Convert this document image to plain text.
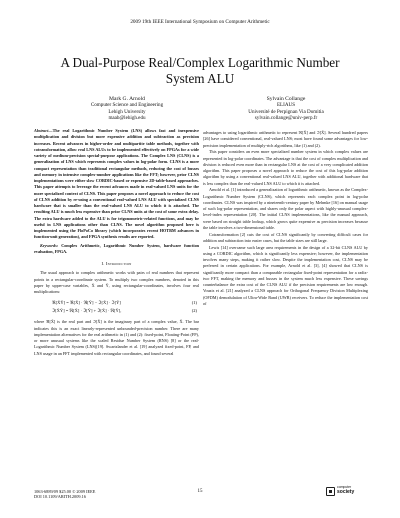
2009 19th IEEE International Symposium on Computer Arithmetic
A Dual-Purpose Real/Complex Logarithmic Number System ALU
Mark G. Arnold
Computer Science and Engineering
Lehigh University
maab@lehigh.edu
Sylvain Collange
ELIAUS
Université de Perpignan Via Domitia
sylvain.collange@univ-perp.fr

Abstract—The real Logarithmic Number System (LNS) allows fast and inexpensive multiplication and division but more expensive addition and subtraction as precision increases. Recent advances in higher-order and multipartite table methods, together with cotransformation, allow real LNS ALUs to be implemented effectively on FPGAs for a wide variety of medium-precision special-purpose applications. The Complex LNS (CLNS) is a generalization of LNS which represents complex values in log-polar form. CLNS is a more compact representation than traditional rectangular methods, reducing the cost of busses and memory in intensive complex-number applications like the FFT; however, prior CLNS implementations were either slow CORDIC-based or expensive 2D-table-based approaches. This paper attempts to leverage the recent advances made in real-valued LNS units for the more specialized context of CLNS. This paper proposes a novel approach to reduce the cost of CLNS addition by re-using a conventional real-valued LNS ALU with specialized CLNS hardware that is smaller than the real-valued LNS ALU to which it is attached. The resulting ALU is much less expensive than prior CLNS units at the cost of some extra delay. The extra hardware added to the ALU is for trigonometric-related functions, and may be useful in LNS applications other than CLNS. The novel algorithm proposed here is implemented using the FloPoCo library (which incorporates recent HOTBM advances in function-unit generation), and FPGA synthesis results are reported.

Keywords: Complex Arithmetic, Logarithmic Number System, hardware function evaluation, FPGA.

I. Introduction

The usual approach to complex arithmetic works with pairs of real numbers that represent points in a rectangular-coordinate system. To multiply two complex numbers, denoted in this paper by upper-case variables, X̄ and Ȳ, using rectangular-coordinates, involves four real multiplications:

ℜ[X̄Ȳ] = ℜ[X̄] · ℜ[Ȳ] − ℑ[X̄] · ℑ[Ȳ]	(1)
ℑ[X̄Ȳ] = ℜ[X̄] · ℑ[Ȳ] + ℑ[X̄] · ℜ[Ȳ],	(2)

where ℜ[X̄] is the real part and ℑ[X̄] is the imaginary part of a complex value, X̄. The bar indicates this is an exact linearly-represented unbounded-precision number. There are many implementation alternatives for the real arithmetic in (1) and (2): fixed-point, Floating-Point (FP), or more unusual systems like the scaled Residue Number System (RNS) [8] or the real-Logarithmic Number System (LNS)[19]. Swartzlander et al. [19] analyzed fixed-point, FP, and LNS usage in an FFT implemented with rectangular coordinates, and found several

advantages to using logarithmic arithmetic to represent ℜ[X̄] and ℑ[X̄]. Several hundred papers [26] have considered conventional, real-valued LNS; most have found some advantages for low-precision implementation of multiply-rich algorithms, like (1) and (2).

This paper considers an even more specialized number system in which complex values are represented in log-polar coordinates. The advantage is that the cost of complex multiplication and division is reduced even more than in rectangular LNS at the cost of a very complicated addition algorithm. This paper proposes a novel approach to reduce the cost of this log-polar addition algorithm by using a conventional real-valued LNS ALU, together with additional hardware that is less complex than the real-valued LNS ALU to which it is attached.

Arnold et al. [1] introduced a generalization of logarithmic arithmetic, known as the Complex-Logarithmic Number System (CLNS), which represents each complex point in log-polar coordinates. CLNS was inspired by a nineteenth-century paper by Mehmke [16] on manual usage of such log-polar representation, and shares only the polar aspect with highly-unusual complex-level-index representation [20]. The initial CLNS implementations, like the manual approach, were based on straight table lookup, which grows quite expensive as precision increases because the table involves a two-dimensional table.

Cotransformation [2] cuts the cost of CLNS significantly by converting difficult cases for addition and subtraction into easier cases, but the table sizes are still large.

Lewis [14] overcame such large area requirements in the design of a 32-bit CLNS ALU by using a CORDIC algorithm, which is significantly less expensive; however, the implementation involves many steps, making it rather slow. Despite the implementation cost, CLNS may be preferred in certain applications. For example, Arnold et al. [3], [4] showed that CLNS is significantly more compact than a comparable rectangular fixed-point representation for a radix-two FFT, making the memory and busses in the system much less expensive. These savings counterbalance the extra cost of the CLNS ALU if the precision requirements are low enough. Vouzis et al. [21] analyzed a CLNS approach for Orthogonal Frequency Division Multiplexing (OFDM) demodulation of Ultra-Wide Band (UWB) receivers. To reduce the implementation cost of

1063-6889/09 $25.00 © 2009 IEEE
DOI 10.1109/ARITH.2009.16
15
computer
society
